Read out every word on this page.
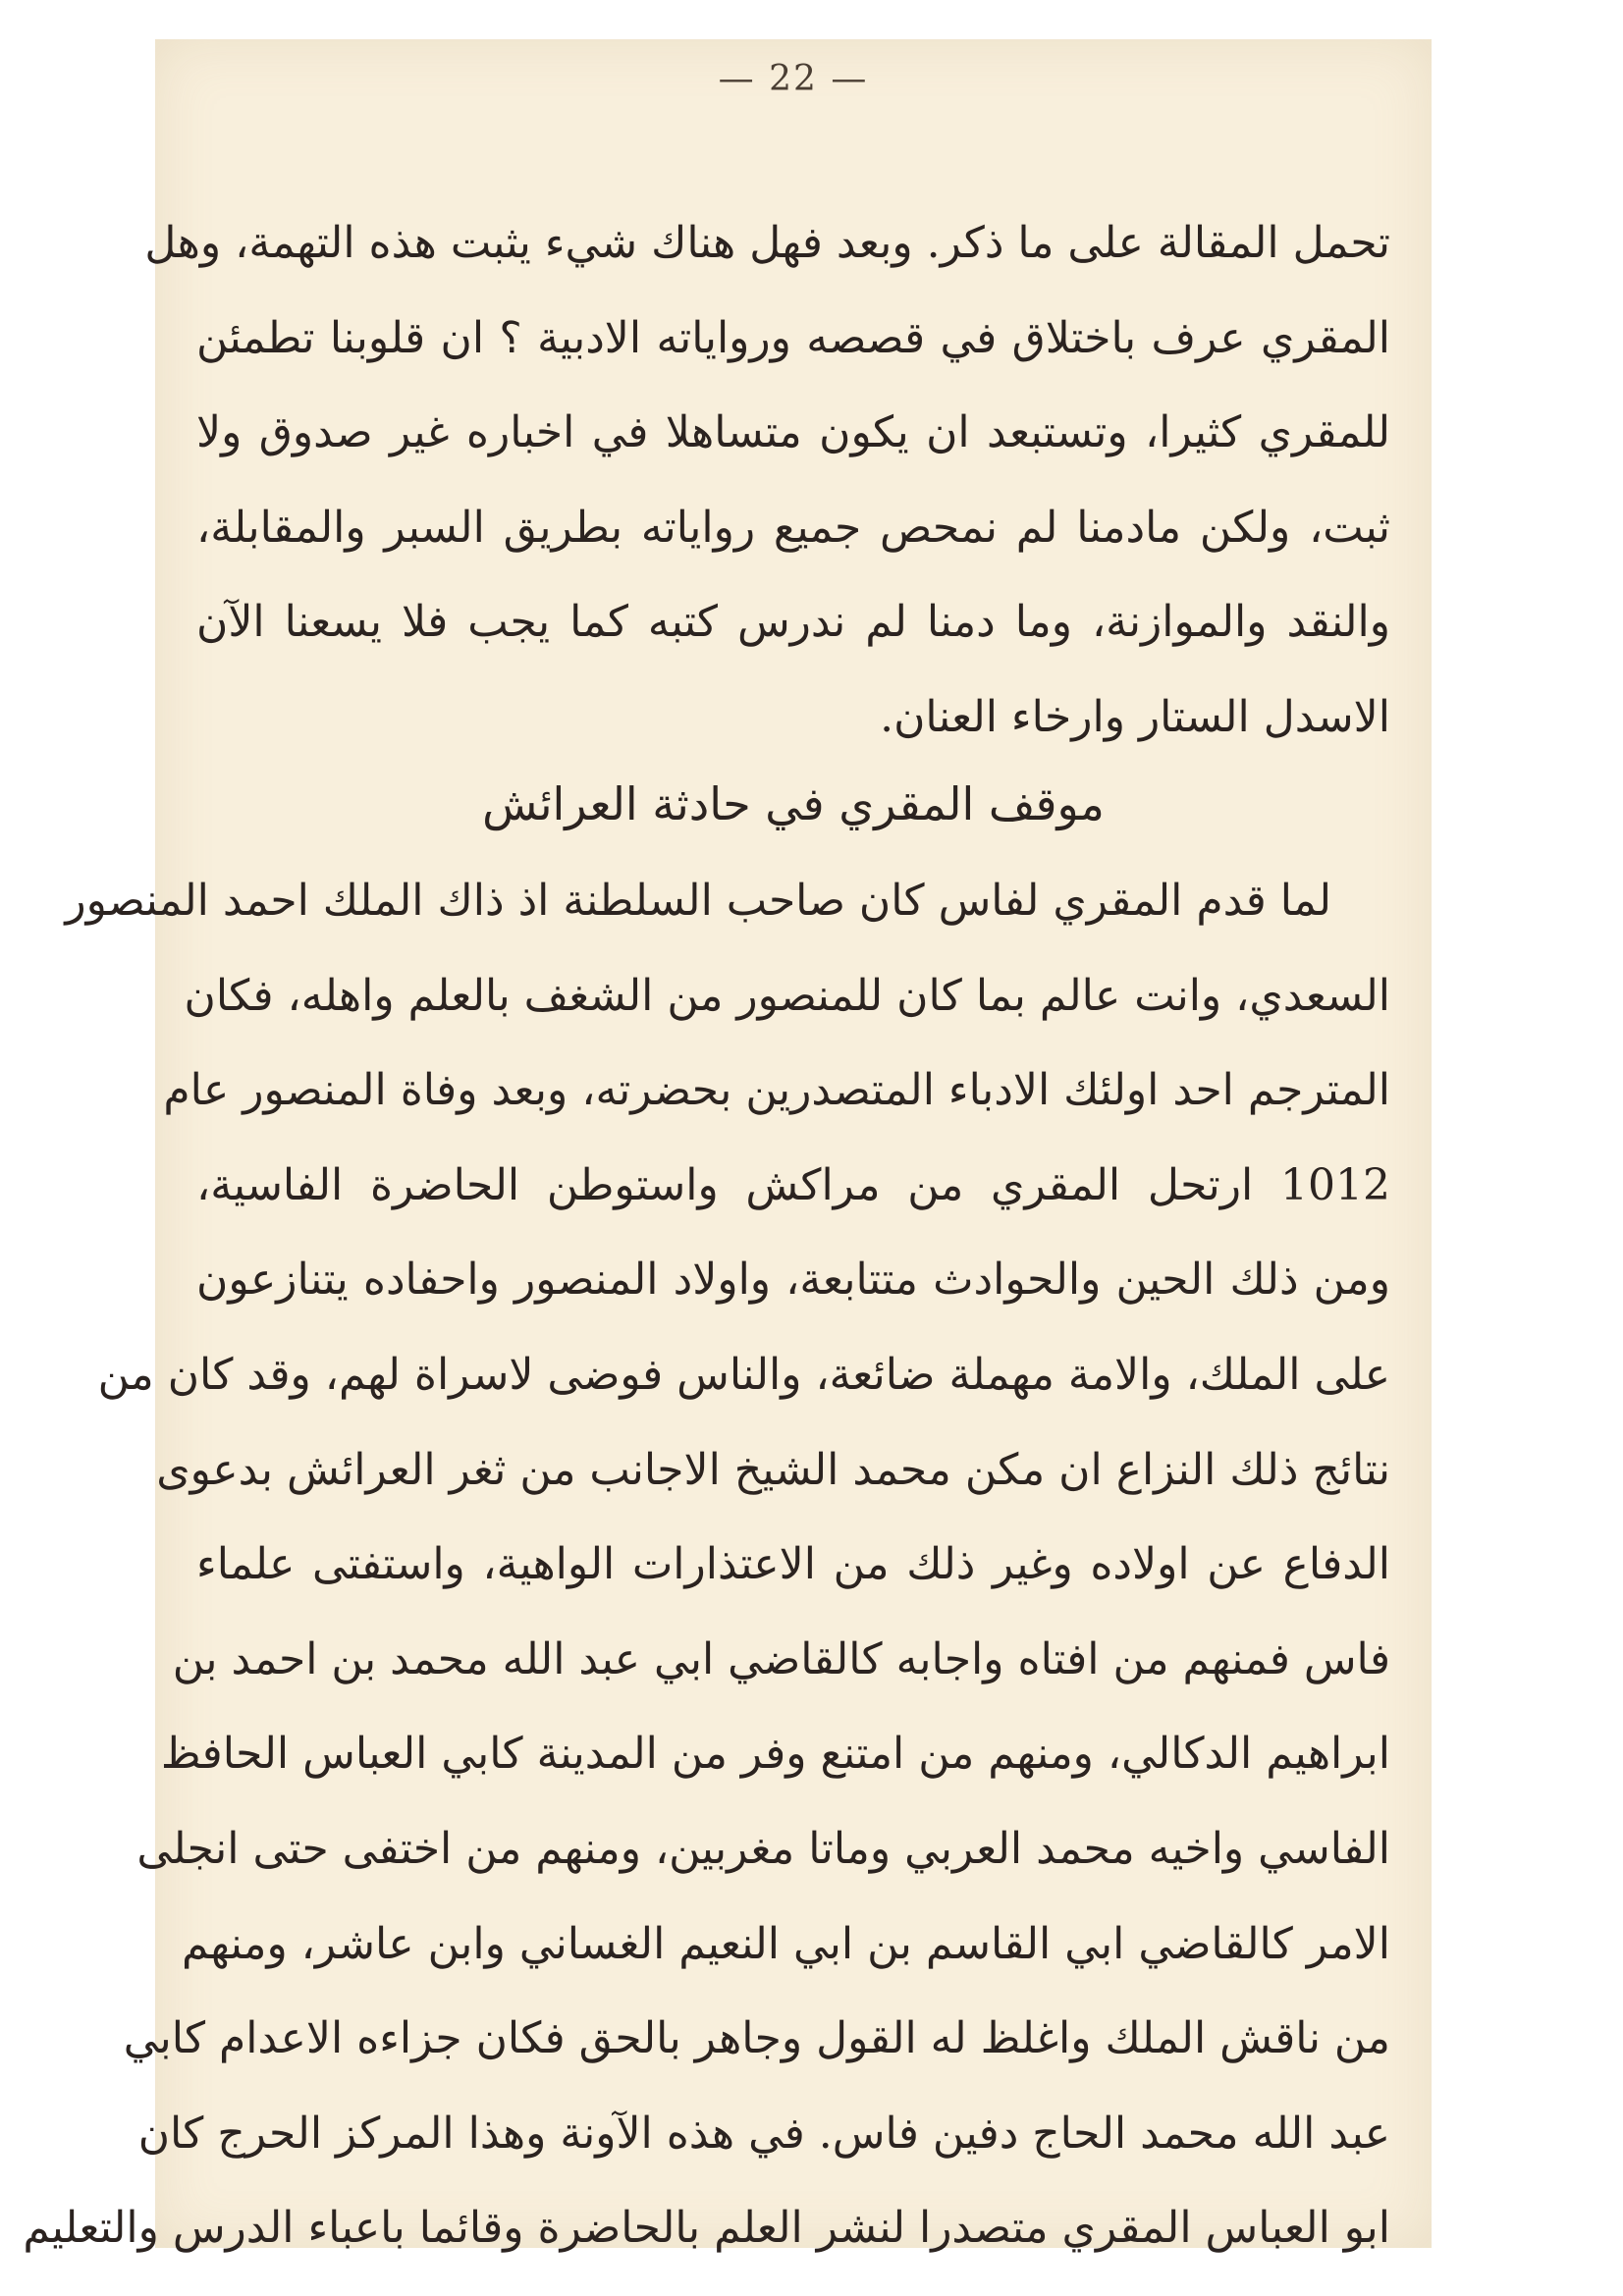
— 22 —
تحمل المقالة على ما ذكر. وبعد فهل هناك شيء يثبت هذه التهمة، وهل
المقري عرف باختلاق في قصصه ورواياته الادبية ؟ ان قلوبنا تطمئن
للمقري كثيرا، وتستبعد ان يكون متساهلا في اخباره غير صدوق ولا
ثبت، ولكن مادمنا لم نمحص جميع رواياته بطريق السبر والمقابلة،
والنقد والموازنة، وما دمنا لم ندرس كتبه كما يجب فلا يسعنا الآن
الاسدل الستار وارخاء العنان.
موقف المقري في حادثة العرائش
لما قدم المقري لفاس كان صاحب السلطنة اذ ذاك الملك احمد المنصور
السعدي، وانت عالم بما كان للمنصور من الشغف بالعلم واهله، فكان
المترجم احد اولئك الادباء المتصدرين بحضرته، وبعد وفاة المنصور عام
1012 ارتحل المقري من مراكش واستوطن الحاضرة الفاسية،
ومن ذلك الحين والحوادث متتابعة، واولاد المنصور واحفاده يتنازعون
على الملك، والامة مهملة ضائعة، والناس فوضى لاسراة لهم، وقد كان من
نتائج ذلك النزاع ان مكن محمد الشيخ الاجانب من ثغر العرائش بدعوى
الدفاع عن اولاده وغير ذلك من الاعتذارات الواهية، واستفتى علماء
فاس فمنهم من افتاه واجابه كالقاضي ابي عبد الله محمد بن احمد بن
ابراهيم الدكالي، ومنهم من امتنع وفر من المدينة كابي العباس الحافظ
الفاسي واخيه محمد العربي وماتا مغربين، ومنهم من اختفى حتى انجلى
الامر كالقاضي ابي القاسم بن ابي النعيم الغساني وابن عاشر، ومنهم
من ناقش الملك واغلظ له القول وجاهر بالحق فكان جزاءه الاعدام كابي
عبد الله محمد الحاج دفين فاس. في هذه الآونة وهذا المركز الحرج كان
ابو العباس المقري متصدرا لنشر العلم بالحاضرة وقائما باعباء الدرس والتعليم
